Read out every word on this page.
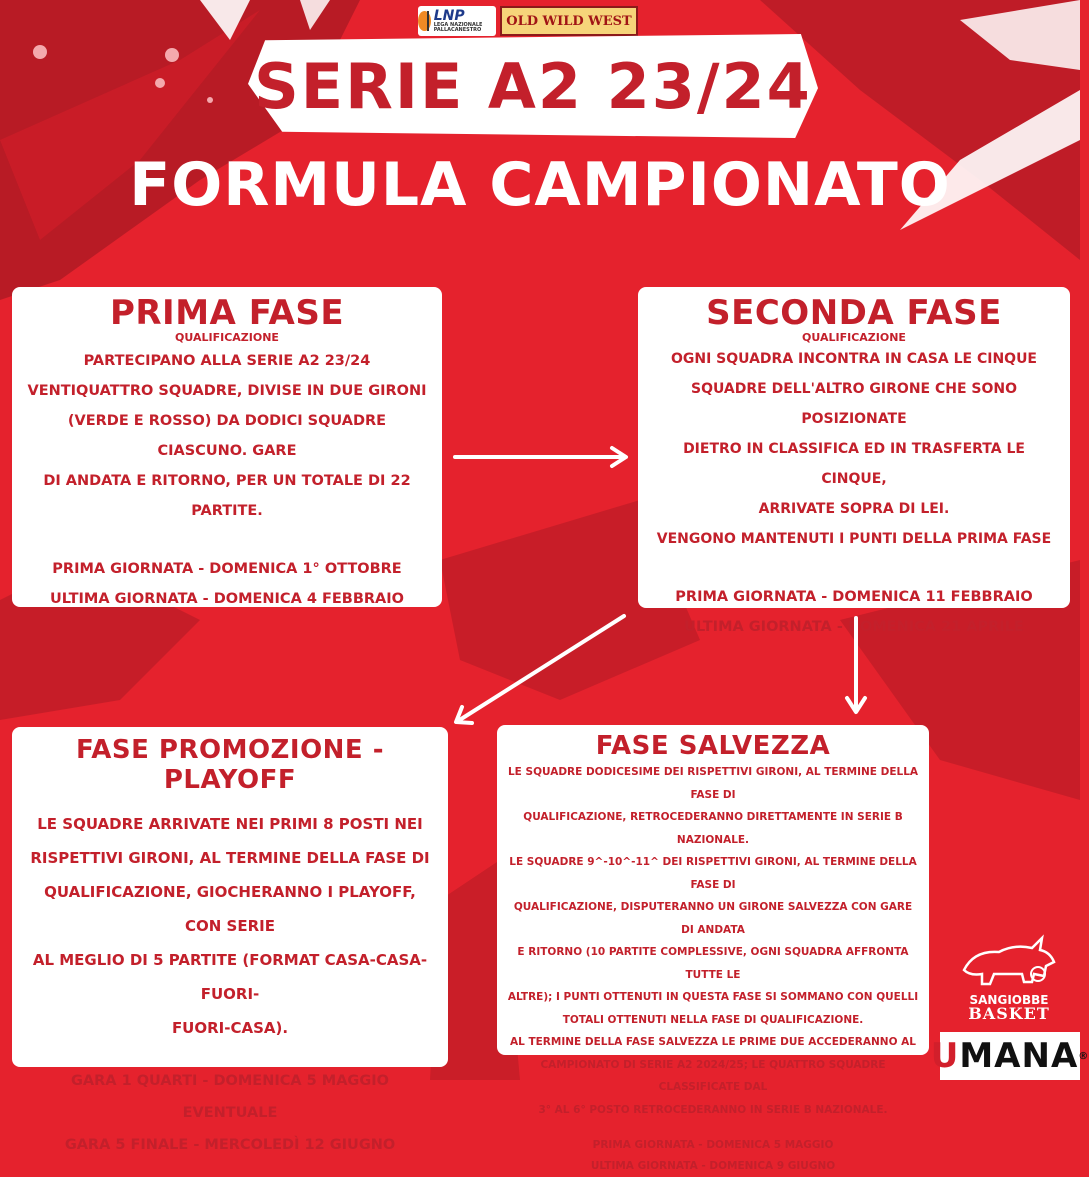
LNP
LEGA NAZIONALE PALLACANESTRO
OLD WILD WEST
SERIE A2 23/24
FORMULA CAMPIONATO
PRIMA FASE
QUALIFICAZIONE
PARTECIPANO ALLA SERIE A2 23/24
VENTIQUATTRO SQUADRE, DIVISE IN DUE GIRONI
(VERDE E ROSSO) DA DODICI SQUADRE CIASCUNO. GARE
DI ANDATA E RITORNO, PER UN TOTALE DI 22 PARTITE.
PRIMA GIORNATA - DOMENICA 1° OTTOBRE
ULTIMA GIORNATA - DOMENICA 4 FEBBRAIO
SECONDA FASE
QUALIFICAZIONE
OGNI SQUADRA INCONTRA IN CASA LE CINQUE
SQUADRE DELL'ALTRO GIRONE CHE SONO POSIZIONATE
DIETRO IN CLASSIFICA ED IN TRASFERTA LE CINQUE,
ARRIVATE SOPRA DI LEI.
VENGONO MANTENUTI I PUNTI DELLA PRIMA FASE
PRIMA GIORNATA - DOMENICA 11 FEBBRAIO
ULTIMA GIORNATA - DOMENICA 21 APRILE
FASE PROMOZIONE - PLAYOFF
LE SQUADRE ARRIVATE NEI PRIMI 8 POSTI NEI
RISPETTIVI GIRONI, AL TERMINE DELLA FASE DI
QUALIFICAZIONE, GIOCHERANNO I PLAYOFF, CON SERIE
AL MEGLIO DI 5 PARTITE (FORMAT CASA-CASA-FUORI-
FUORI-CASA).
GARA 1 QUARTI - DOMENICA 5 MAGGIO EVENTUALE
GARA 5 FINALE - MERCOLEDÌ 12 GIUGNO
FASE SALVEZZA
LE SQUADRE DODICESIME DEI RISPETTIVI GIRONI, AL TERMINE DELLA FASE DI
QUALIFICAZIONE, RETROCEDERANNO DIRETTAMENTE IN SERIE B NAZIONALE.
LE SQUADRE 9^-10^-11^ DEI RISPETTIVI GIRONI, AL TERMINE DELLA FASE DI
QUALIFICAZIONE, DISPUTERANNO UN GIRONE SALVEZZA CON GARE DI ANDATA
E RITORNO (10 PARTITE COMPLESSIVE, OGNI SQUADRA AFFRONTA TUTTE LE
ALTRE); I PUNTI OTTENUTI IN QUESTA FASE SI SOMMANO CON QUELLI
TOTALI OTTENUTI NELLA FASE DI QUALIFICAZIONE.
AL TERMINE DELLA FASE SALVEZZA LE PRIME DUE ACCEDERANNO AL
CAMPIONATO DI SERIE A2 2024/25; LE QUATTRO SQUADRE CLASSIFICATE DAL
3° AL 6° POSTO RETROCEDERANNO IN SERIE B NAZIONALE.
PRIMA GIORNATA - DOMENICA 5 MAGGIO
ULTIMA GIORNATA - DOMENICA 9 GIUGNO
SANGIOBBE
BASKET
U MANA ®
